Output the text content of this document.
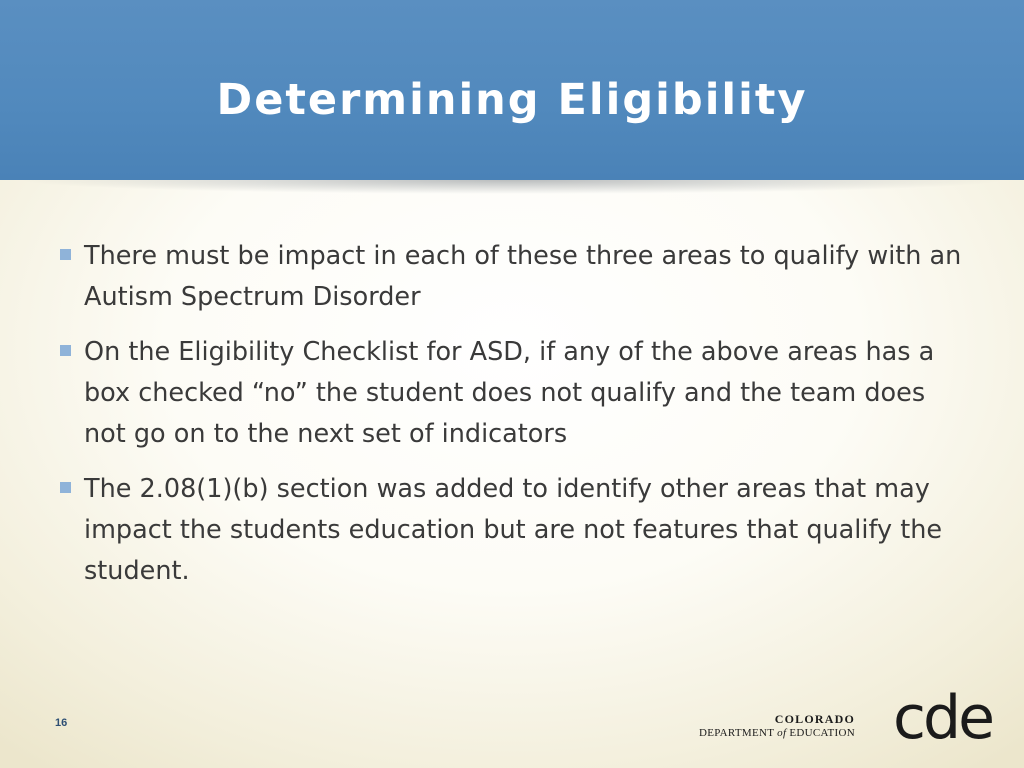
Determining Eligibility
There must be impact in each of these three areas to qualify with an Autism Spectrum Disorder
On the Eligibility Checklist for ASD, if any of the above areas has a box checked “no” the student does not qualify and the team does not go on to the next set of indicators
The 2.08(1)(b) section was added to identify other areas that may impact the students education but are not features that qualify the student.
16	COLORADO
DEPARTMENT of EDUCATION cde
